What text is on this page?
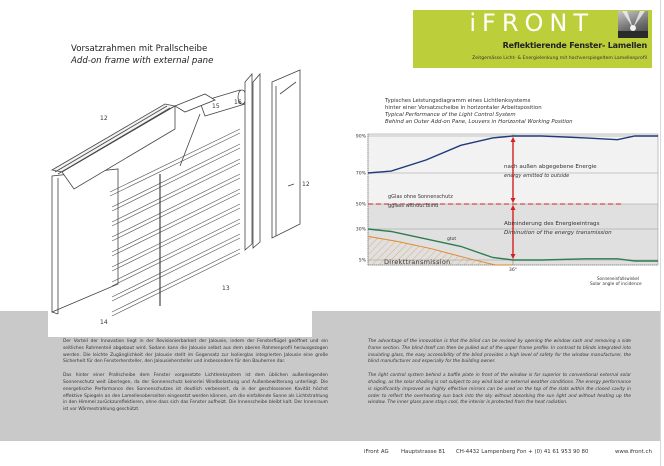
iFRONT
Reflektierende Fenster- Lamellen
Zeitgemässe Licht- & Energielenkung mit hochverspiegeltem Lamellenprofil
Vorsatzrahmen mit Prallscheibe
Add-on frame with external pane
15
16
12
12
13
14
Typisches Leistungsdiagramm eines Lichtlenksystems
hinter einer Vorsatzscheibe in horizontaler Arbeitsposition
Typical Performance of the Light Control System
Behind an Outer Add-on Pane, Louvers in Horizontal Working Position
90%
70%
50%
30%
5%
36°
nach außen abgegebene Energie
energy emitted to outside
gGlas ohne Sonnenschutz
gglass without blind
Abminderung des Energieeintrags
Diminution of the energy transmission
gtot
Direkttransmission
Sonneneinfallswinkel
Solar angle of incidence

Der Vorteil der Innovation liegt in der Revisionierbarkeit der Jalousie, indem der Fensterflügel geöffnet und ein seitliches Rahmenteil abgebaut wird. Sodann kann die Jalousie selbst aus dem oberen Rahmenprofil herausgezogen werden. Die leichte Zugänglichkeit der Jalousie stellt im Gegensatz zur Isolierglas integrierten Jalousie eine große Sicherheit für den Fensterhersteller, den Jalousiehersteller und insbesondere für den Bauherren dar.

Das hinter einer Prallscheibe dem Fenster vorgesetzte Lichtlenksystem ist dem üblichen außenliegenden Sonnenschutz weit überlegen, da der Sonnenschutz keinerlei Windbelastung und Außenbewitterung unterliegt. Die energetische Performance des Sonnenschutzes ist deutlich verbessert, da in der geschlossenen Kavität höchst effektive Spiegeln an den Lamellenoberseiten eingesetzt werden können, um die einfallende Sonne als Lichtstrahlung in den Himmel zurückzureflektieren, ohne dass sich das Fenster aufheizt. Die Innenscheibe bleibt kalt. Der Innenraum ist vor Wärmestrahlung geschützt.

The advantage of the innovation is that the blind can be revised by opening the window sash and removing a side frame section. The blind itself can then be pulled out of the upper frame profile. In contrast to blinds integrated into insulating glass, the easy accessibility of the blind provides a high level of safety for the window manufacturer, the blind manufacturer and especially for the building owner.

The light control system behind a baffle plate in front of the window is far superior to conventional external solar shading, as the solar shading is not subject to any wind load or external weather conditions. The energy performance is significantly improved as highly effective mirrors can be used on the top of the slats within the closed cavity in order to reflect the overheating sun back into the sky without absorbing the sun light and without heating up the window. The inner glass pane stays cool, the interior is protected from the heat radiation.

iFront AG Hauptstrasse 81 CH-4432 Lampenberg Fon + (0) 41 61 953 90 80	www.ifront.ch
